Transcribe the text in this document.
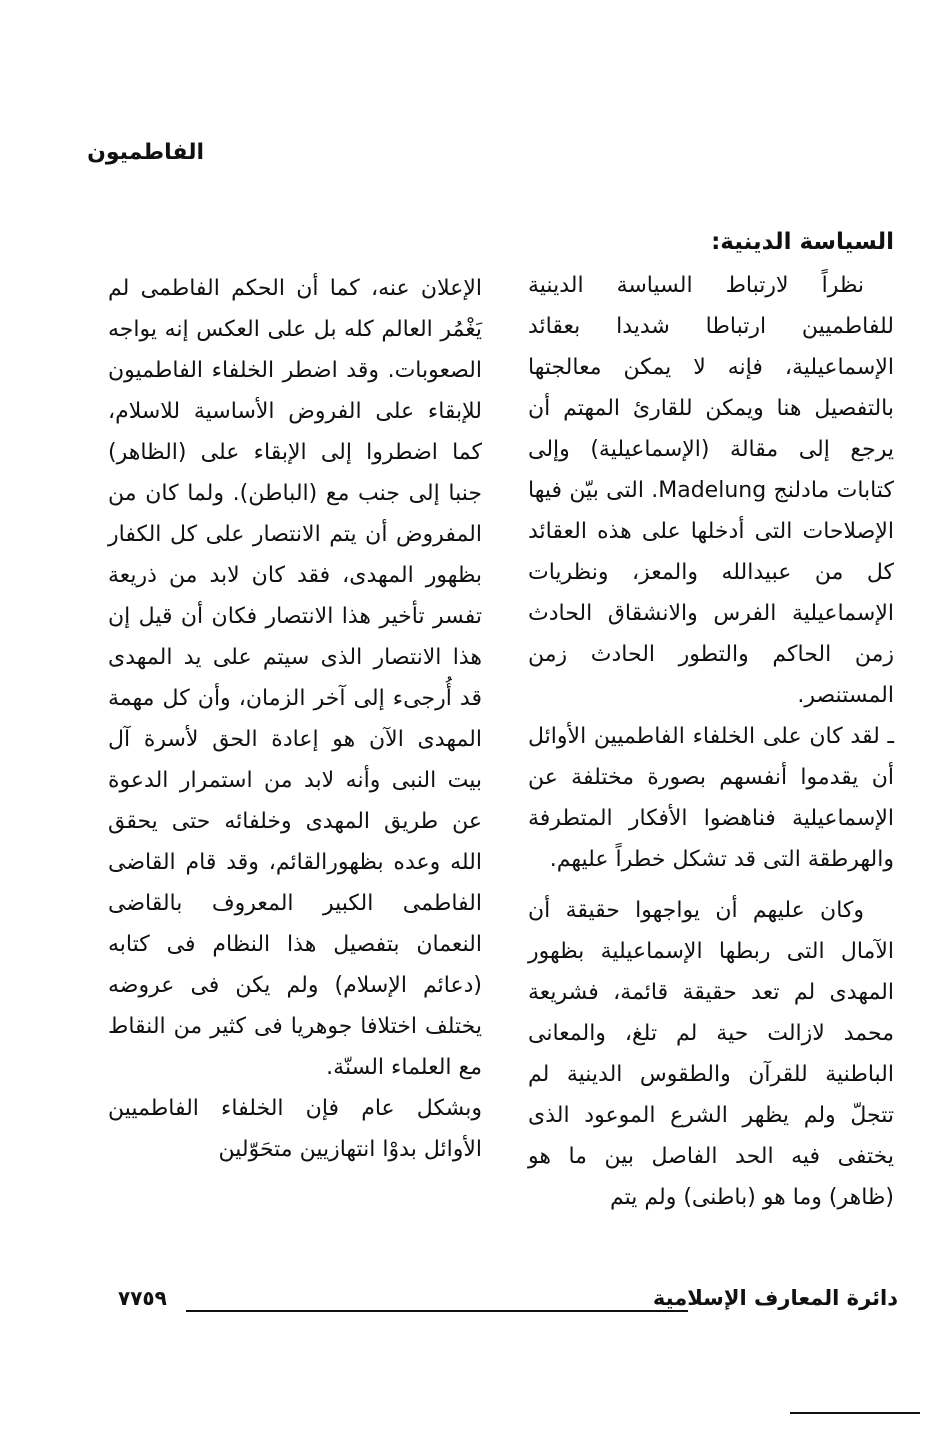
الفاطميون

السياسة الدينية:

نظراً لارتباط السياسة الدينية للفاطميين ارتباطا شديدا بعقائد الإسماعيلية، فإنه لا يمكن معالجتها بالتفصيل هنا ويمكن للقارئ المهتم أن يرجع إلى مقالة (الإسماعيلية) وإلى كتابات مادلنج Madelung. التى بيّن فيها الإصلاحات التى أدخلها على هذه العقائد كل من عبيدالله والمعز، ونظريات الإسماعيلية الفرس والانشقاق الحادث زمن الحاكم والتطور الحادث زمن المستنصر.

ـ لقد كان على الخلفاء الفاطميين الأوائل أن يقدموا أنفسهم بصورة مختلفة عن الإسماعيلية فناهضوا الأفكار المتطرفة والهرطقة التى قد تشكل خطراً عليهم.

وكان عليهم أن يواجهوا حقيقة أن الآمال التى ربطها الإسماعيلية بظهور المهدى لم تعد حقيقة قائمة، فشريعة محمد لازالت حية لم تلغ، والمعانى الباطنية للقرآن والطقوس الدينية لم تتجلّ ولم يظهر الشرع الموعود الذى يختفى فيه الحد الفاصل بين ما هو (ظاهر) وما هو (باطنى) ولم يتم

الإعلان عنه، كما أن الحكم الفاطمى لم يَغْمُر العالم كله بل على العكس إنه يواجه الصعوبات. وقد اضطر الخلفاء الفاطميون للإبقاء على الفروض الأساسية للاسلام، كما اضطروا إلى الإبقاء على (الظاهر) جنبا إلى جنب مع (الباطن). ولما كان من المفروض أن يتم الانتصار على كل الكفار بظهور المهدى، فقد كان لابد من ذريعة تفسر تأخير هذا الانتصار فكان أن قيل إن هذا الانتصار الذى سيتم على يد المهدى قد أُرجىء إلى آخر الزمان، وأن كل مهمة المهدى الآن هو إعادة الحق لأسرة آل بيت النبى وأنه لابد من استمرار الدعوة عن طريق المهدى وخلفائه حتى يحقق الله وعده بظهورالقائم، وقد قام القاضى الفاطمى الكبير المعروف بالقاضى النعمان بتفصيل هذا النظام فى كتابه (دعائم الإسلام) ولم يكن فى عروضه يختلف اختلافا جوهريا فى كثير من النقاط مع العلماء السنّة.

وبشكل عام فإن الخلفاء الفاطميين الأوائل بدوْا انتهازيين متحَوّلين

دائرة المعارف الإسلامية
٧٧٥٩
